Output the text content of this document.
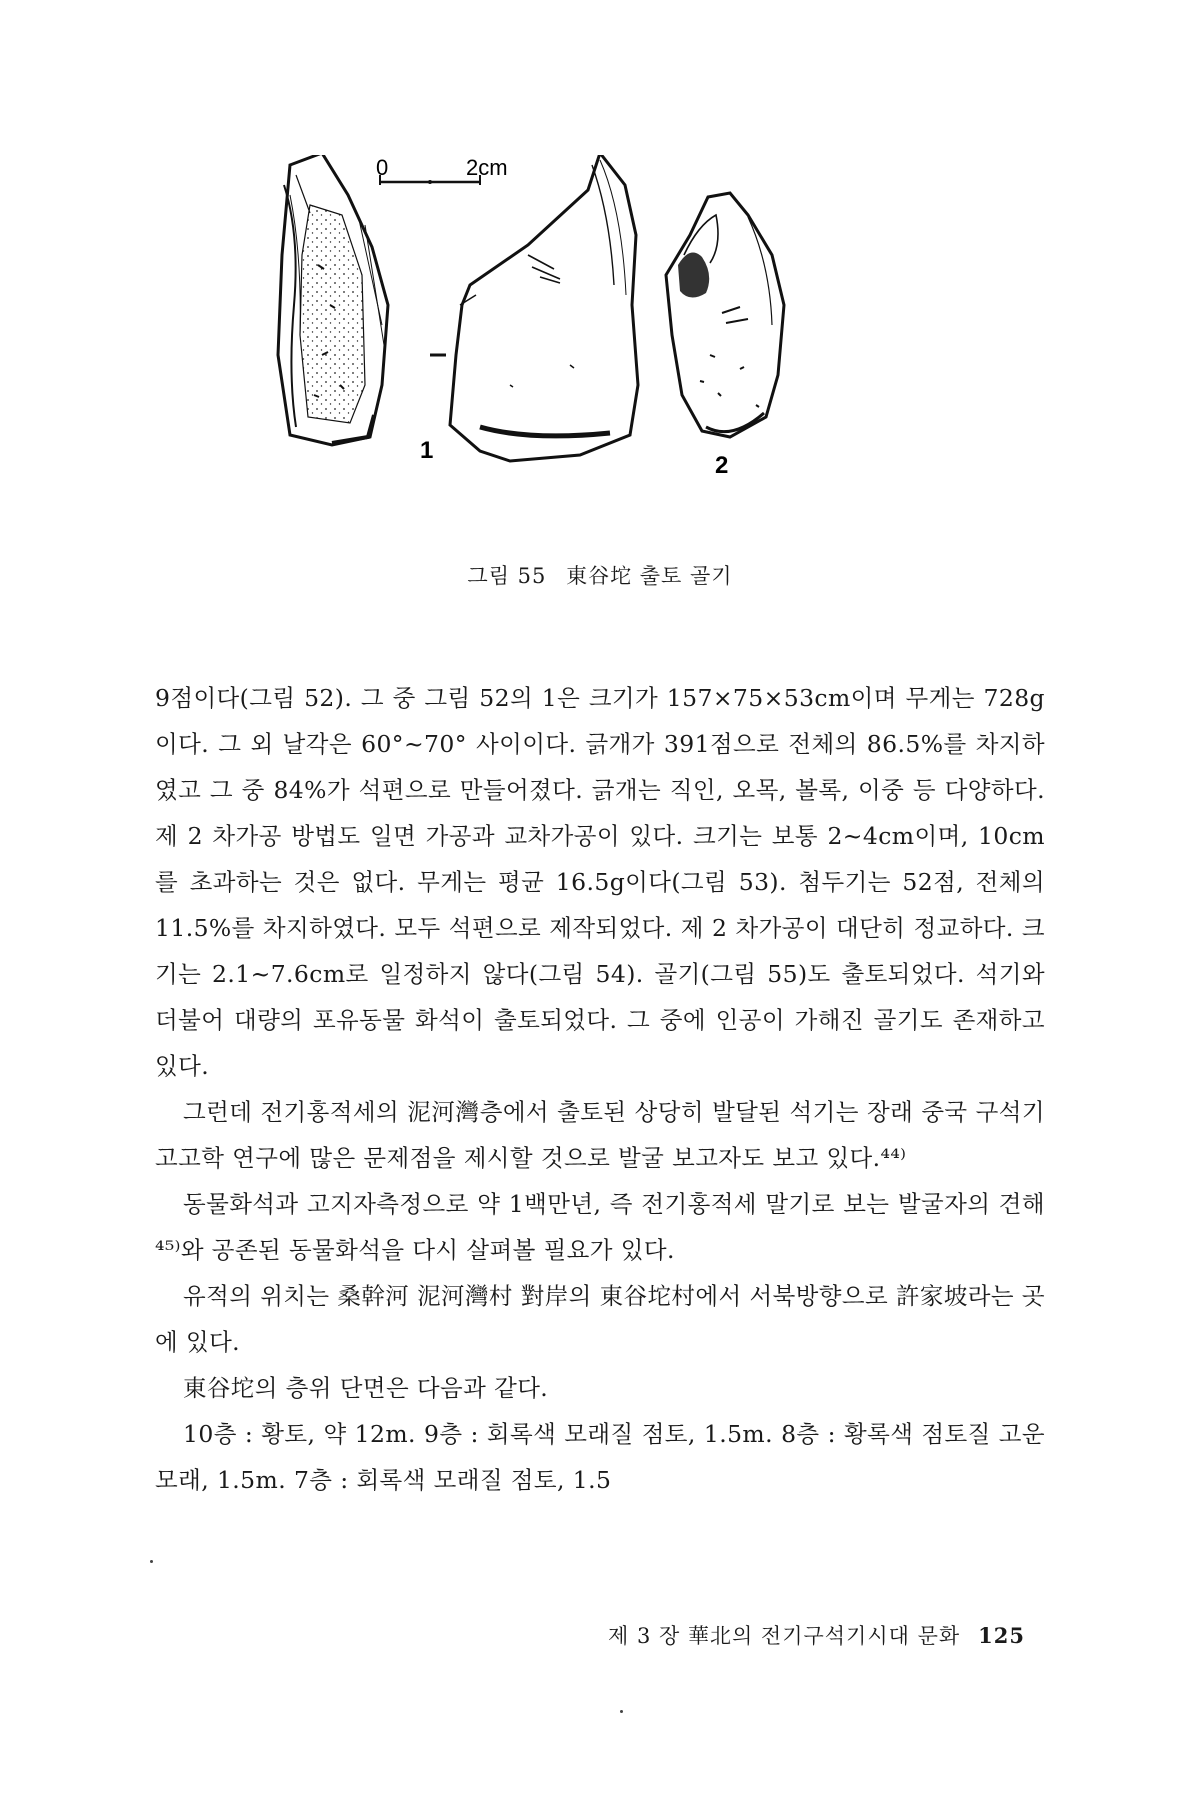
0	2cm
1
2
그림 55 東谷坨 출토 골기

9점이다(그림 52). 그 중 그림 52의 1은 크기가 157×75×53cm이며 무게는 728g이다. 그 외 날각은 60°~70° 사이이다. 긁개가 391점으로 전체의 86.5%를 차지하였고 그 중 84%가 석편으로 만들어졌다. 긁개는 직인, 오목, 볼록, 이중 등 다양하다. 제 2 차가공 방법도 일면 가공과 교차가공이 있다. 크기는 보통 2~4cm이며, 10cm를 초과하는 것은 없다. 무게는 평균 16.5g이다(그림 53). 첨두기는 52점, 전체의 11.5%를 차지하였다. 모두 석편으로 제작되었다. 제 2 차가공이 대단히 정교하다. 크기는 2.1~7.6cm로 일정하지 않다(그림 54). 골기(그림 55)도 출토되었다. 석기와 더불어 대량의 포유동물 화석이 출토되었다. 그 중에 인공이 가해진 골기도 존재하고 있다.

그런데 전기홍적세의 泥河灣층에서 출토된 상당히 발달된 석기는 장래 중국 구석기 고고학 연구에 많은 문제점을 제시할 것으로 발굴 보고자도 보고 있다.⁴⁴⁾

동물화석과 고지자측정으로 약 1백만년, 즉 전기홍적세 말기로 보는 발굴자의 견해⁴⁵⁾와 공존된 동물화석을 다시 살펴볼 필요가 있다.

유적의 위치는 桑幹河 泥河灣村 對岸의 東谷坨村에서 서북방향으로 許家坡라는 곳에 있다.

東谷坨의 층위 단면은 다음과 같다.

10층 : 황토, 약 12m. 9층 : 회록색 모래질 점토, 1.5m. 8층 : 황록색 점토질 고운 모래, 1.5m. 7층 : 회록색 모래질 점토, 1.5

제 3 장 華北의 전기구석기시대 문화 125
